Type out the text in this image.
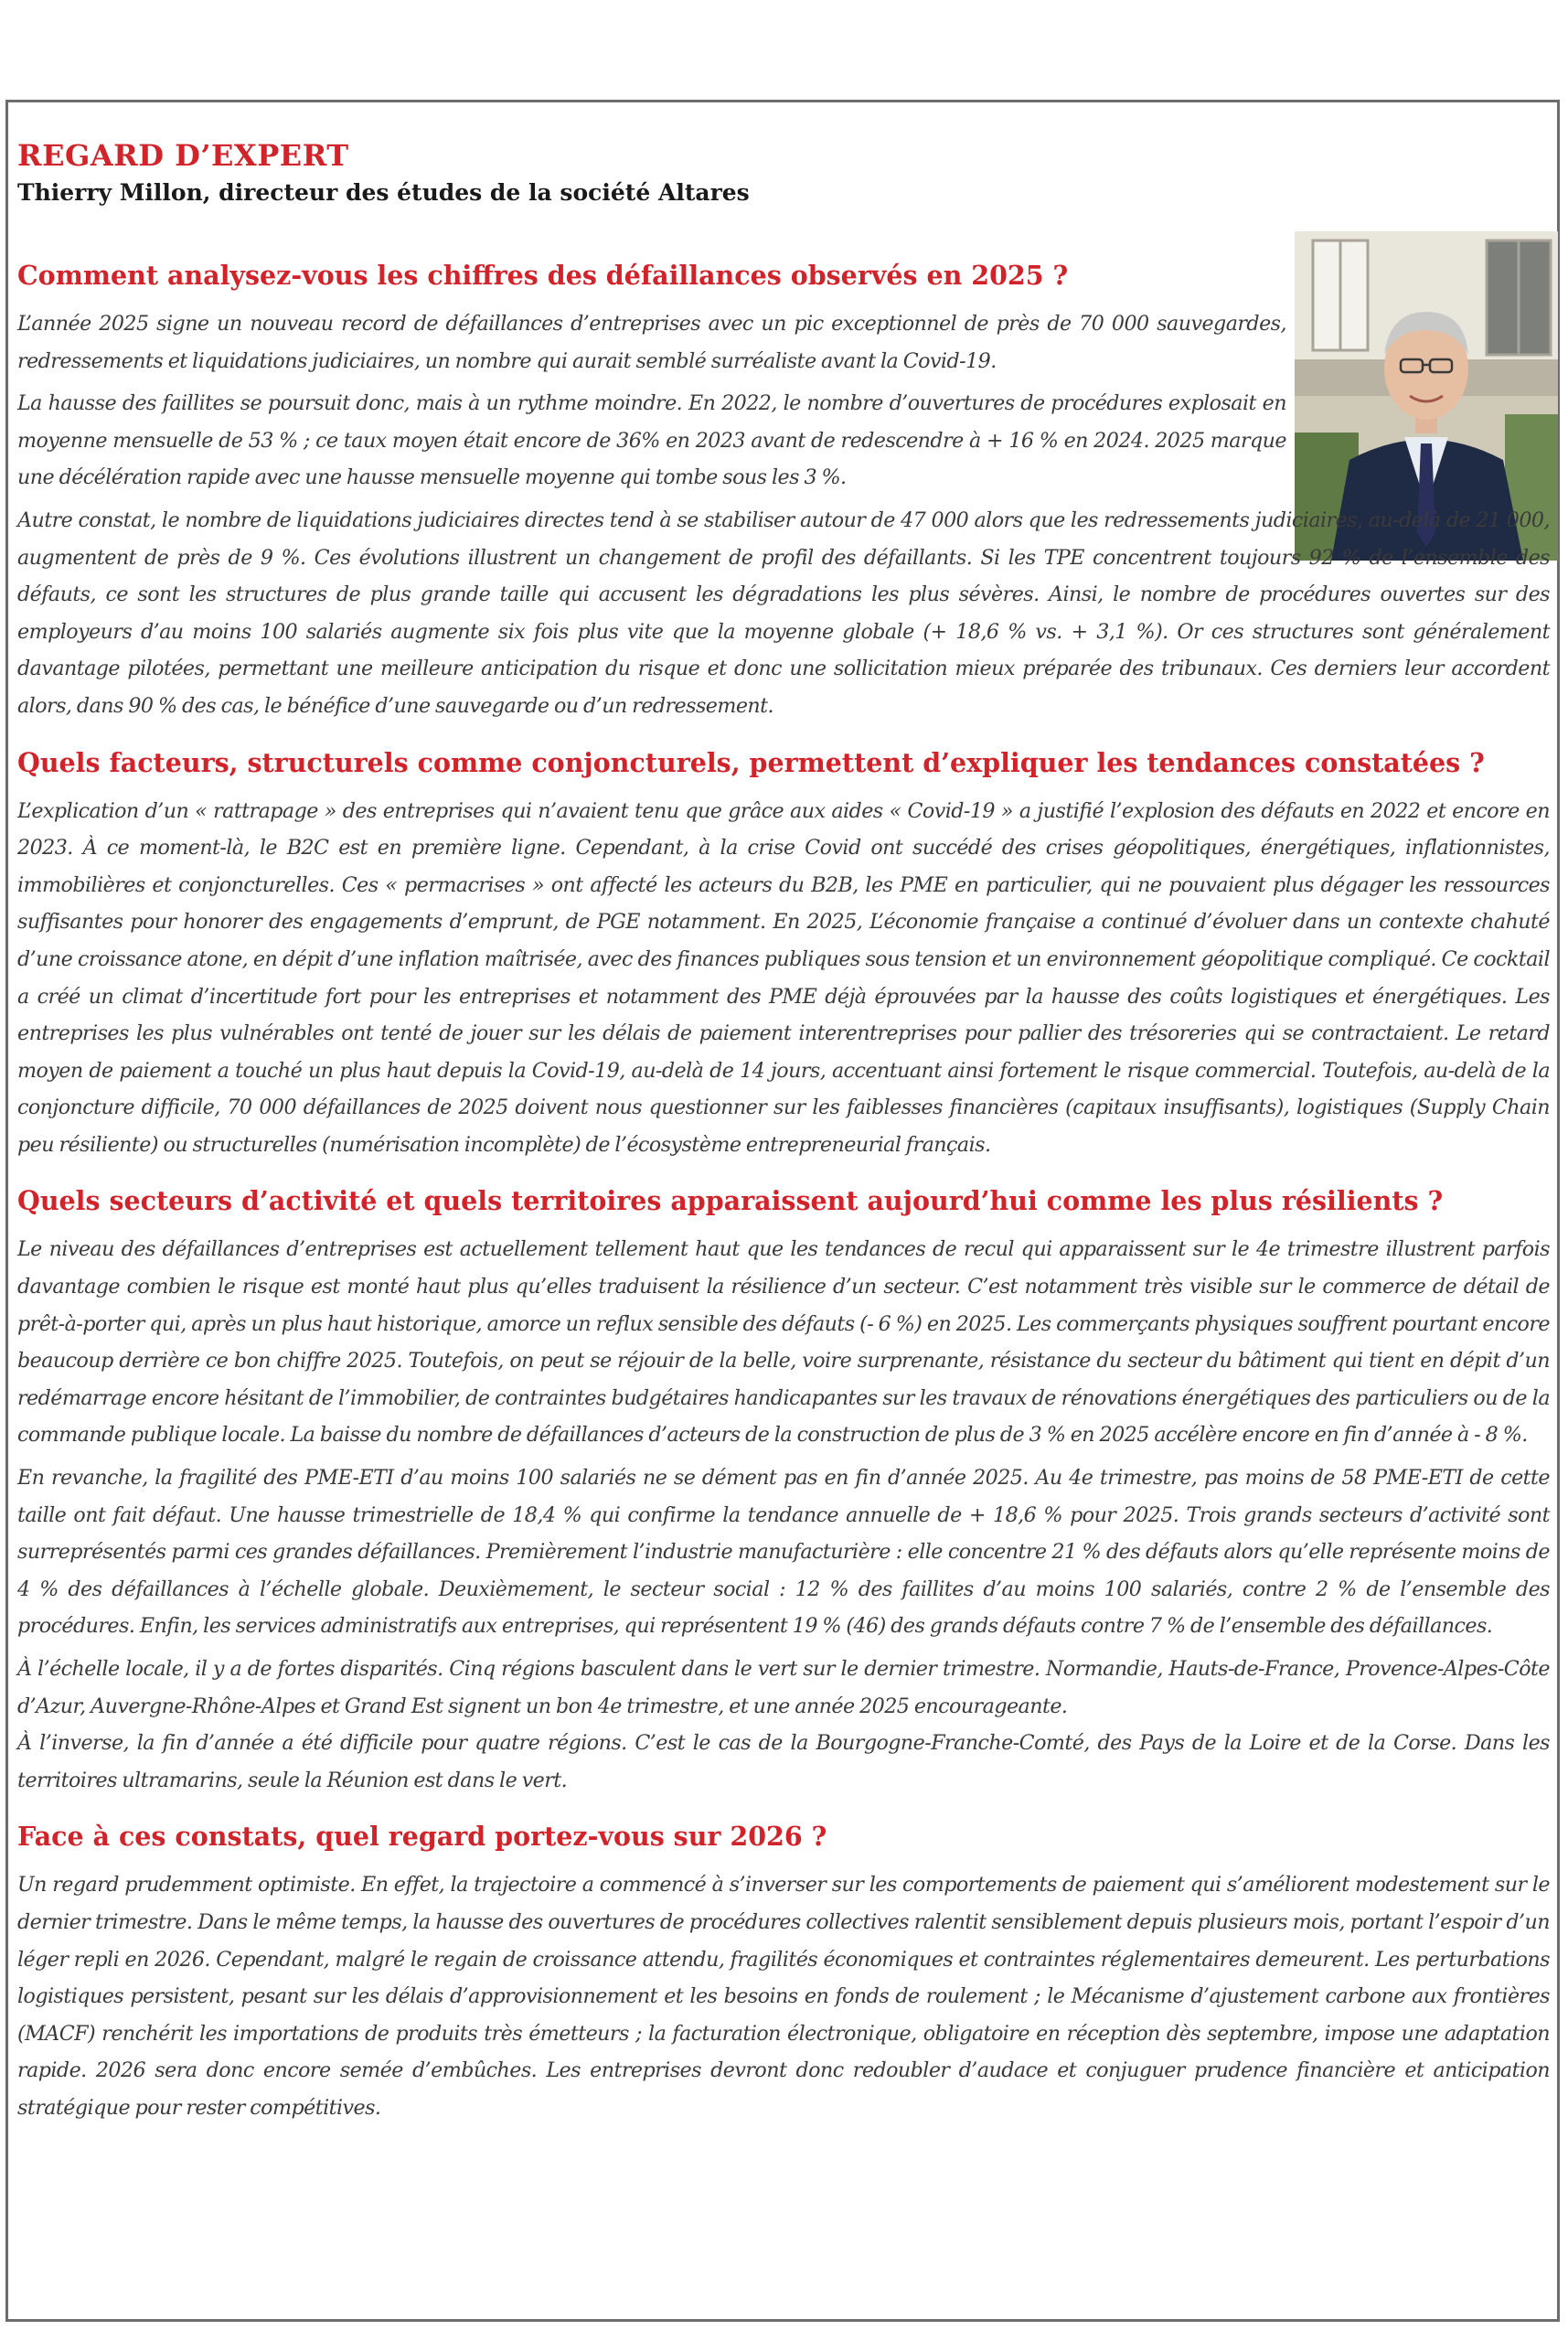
REGARD D’EXPERT

Thierry Millon, directeur des études de la société Altares

Comment analysez-vous les chiffres des défaillances observés en 2025 ?

L’année 2025 signe un nouveau record de défaillances d’entreprises avec un pic exceptionnel de près de 70 000 sauvegardes, redressements et liquidations judiciaires, un nombre qui aurait semblé surréaliste avant la Covid-19.

La hausse des faillites se poursuit donc, mais à un rythme moindre. En 2022, le nombre d’ouvertures de procédures explosait en moyenne mensuelle de 53 % ; ce taux moyen était encore de 36% en 2023 avant de redescendre à + 16 % en 2024. 2025 marque une décélération rapide avec une hausse mensuelle moyenne qui tombe sous les 3 %.

Autre constat, le nombre de liquidations judiciaires directes tend à se stabiliser autour de 47 000 alors que les redressements judiciaires, au-delà de 21 000, augmentent de près de 9 %. Ces évolutions illustrent un changement de profil des défaillants. Si les TPE concentrent toujours 92 % de l’ensemble des défauts, ce sont les structures de plus grande taille qui accusent les dégradations les plus sévères. Ainsi, le nombre de procédures ouvertes sur des employeurs d’au moins 100 salariés augmente six fois plus vite que la moyenne globale (+ 18,6 % vs. + 3,1 %). Or ces structures sont généralement davantage pilotées, permettant une meilleure anticipation du risque et donc une sollicitation mieux préparée des tribunaux. Ces derniers leur accordent alors, dans 90 % des cas, le bénéfice d’une sauvegarde ou d’un redressement.

Quels facteurs, structurels comme conjoncturels, permettent d’expliquer les tendances constatées ?

L’explication d’un « rattrapage » des entreprises qui n’avaient tenu que grâce aux aides « Covid-19 » a justifié l’explosion des défauts en 2022 et encore en 2023. À ce moment-là, le B2C est en première ligne. Cependant, à la crise Covid ont succédé des crises géopolitiques, énergétiques, inflationnistes, immobilières et conjoncturelles. Ces « permacrises » ont affecté les acteurs du B2B, les PME en particulier, qui ne pouvaient plus dégager les ressources suffisantes pour honorer des engagements d’emprunt, de PGE notamment. En 2025, L’économie française a continué d’évoluer dans un contexte chahuté d’une croissance atone, en dépit d’une inflation maîtrisée, avec des finances publiques sous tension et un environnement géopolitique compliqué. Ce cocktail a créé un climat d’incertitude fort pour les entreprises et notamment des PME déjà éprouvées par la hausse des coûts logistiques et énergétiques. Les entreprises les plus vulnérables ont tenté de jouer sur les délais de paiement interentreprises pour pallier des trésoreries qui se contractaient. Le retard moyen de paiement a touché un plus haut depuis la Covid-19, au-delà de 14 jours, accentuant ainsi fortement le risque commercial. Toutefois, au-delà de la conjoncture difficile, 70 000 défaillances de 2025 doivent nous questionner sur les faiblesses financières (capitaux insuffisants), logistiques (Supply Chain peu résiliente) ou structurelles (numérisation incomplète) de l’écosystème entrepreneurial français.

Quels secteurs d’activité et quels territoires apparaissent aujourd’hui comme les plus résilients ?

Le niveau des défaillances d’entreprises est actuellement tellement haut que les tendances de recul qui apparaissent sur le 4e trimestre illustrent parfois davantage combien le risque est monté haut plus qu’elles traduisent la résilience d’un secteur. C’est notamment très visible sur le commerce de détail de prêt-à-porter qui, après un plus haut historique, amorce un reflux sensible des défauts (- 6 %) en 2025. Les commerçants physiques souffrent pourtant encore beaucoup derrière ce bon chiffre 2025. Toutefois, on peut se réjouir de la belle, voire surprenante, résistance du secteur du bâtiment qui tient en dépit d’un redémarrage encore hésitant de l’immobilier, de contraintes budgétaires handicapantes sur les travaux de rénovations énergétiques des particuliers ou de la commande publique locale. La baisse du nombre de défaillances d’acteurs de la construction de plus de 3 % en 2025 accélère encore en fin d’année à - 8 %.

En revanche, la fragilité des PME-ETI d’au moins 100 salariés ne se dément pas en fin d’année 2025. Au 4e trimestre, pas moins de 58 PME-ETI de cette taille ont fait défaut. Une hausse trimestrielle de 18,4 % qui confirme la tendance annuelle de + 18,6 % pour 2025. Trois grands secteurs d’activité sont surreprésentés parmi ces grandes défaillances. Premièrement l’industrie manufacturière : elle concentre 21 % des défauts alors qu’elle représente moins de 4 % des défaillances à l’échelle globale. Deuxièmement, le secteur social : 12 % des faillites d’au moins 100 salariés, contre 2 % de l’ensemble des procédures. Enfin, les services administratifs aux entreprises, qui représentent 19 % (46) des grands défauts contre 7 % de l’ensemble des défaillances.

À l’échelle locale, il y a de fortes disparités. Cinq régions basculent dans le vert sur le dernier trimestre. Normandie, Hauts-de-France, Provence-Alpes-Côte d’Azur, Auvergne-Rhône-Alpes et Grand Est signent un bon 4e trimestre, et une année 2025 encourageante.

À l’inverse, la fin d’année a été difficile pour quatre régions. C’est le cas de la Bourgogne-Franche-Comté, des Pays de la Loire et de la Corse. Dans les territoires ultramarins, seule la Réunion est dans le vert.

Face à ces constats, quel regard portez-vous sur 2026 ?

Un regard prudemment optimiste. En effet, la trajectoire a commencé à s’inverser sur les comportements de paiement qui s’améliorent modestement sur le dernier trimestre. Dans le même temps, la hausse des ouvertures de procédures collectives ralentit sensiblement depuis plusieurs mois, portant l’espoir d’un léger repli en 2026. Cependant, malgré le regain de croissance attendu, fragilités économiques et contraintes réglementaires demeurent. Les perturbations logistiques persistent, pesant sur les délais d’approvisionnement et les besoins en fonds de roulement ; le Mécanisme d’ajustement carbone aux frontières (MACF) renchérit les importations de produits très émetteurs ; la facturation électronique, obligatoire en réception dès septembre, impose une adaptation rapide. 2026 sera donc encore semée d’embûches. Les entreprises devront donc redoubler d’audace et conjuguer prudence financière et anticipation stratégique pour rester compétitives.
